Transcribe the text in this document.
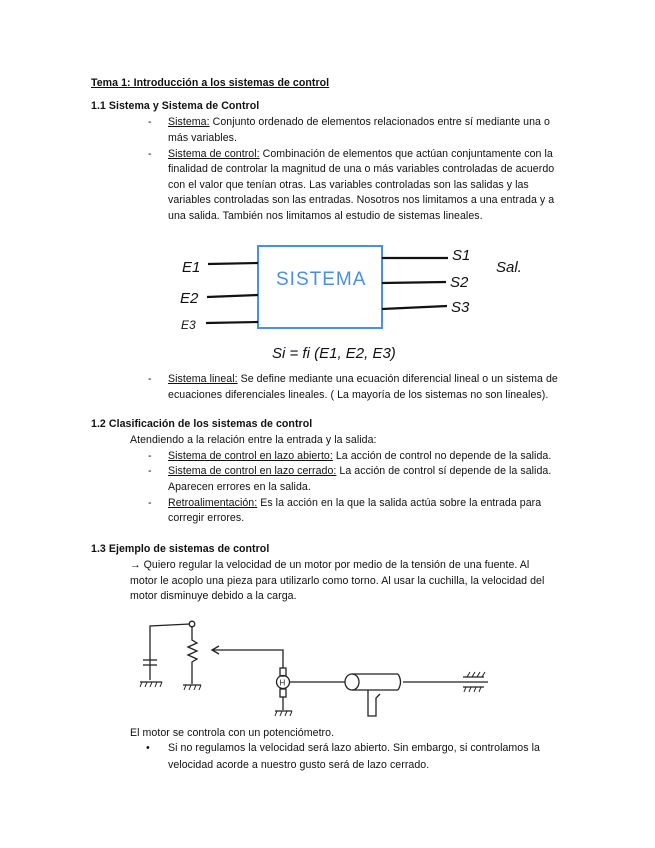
Tema 1: Introducción a los sistemas de control
1.1 Sistema y Sistema de Control
- Sistema: Conjunto ordenado de elementos relacionados entre sí mediante una o
más variables.
- Sistema de control: Combinación de elementos que actúan conjuntamente con la
finalidad de controlar la magnitud de una o más variables controladas de acuerdo
con el valor que tenían otras. Las variables controladas son las salidas y las
variables controladas son las entradas. Nosotros nos limitamos a una entrada y a
una salida. También nos limitamos al estudio de sistemas lineales.
SISTEMA
E1
E2
E3
S1
S2
S3
Sal.
Si = fi (E1, E2, E3)
- Sistema lineal: Se define mediante una ecuación diferencial lineal o un sistema de
ecuaciones diferenciales lineales. ( La mayoría de los sistemas no son lineales).
1.2 Clasificación de los sistemas de control
Atendiendo a la relación entre la entrada y la salida:
- Sistema de control en lazo abierto: La acción de control no depende de la salida.
- Sistema de control en lazo cerrado: La acción de control sí depende de la salida.
Aparecen errores en la salida.
- Retroalimentación: Es la acción en la que la salida actúa sobre la entrada para
corregir errores.
1.3 Ejemplo de sistemas de control
→ Quiero regular la velocidad de un motor por medio de la tensión de una fuente. Al
motor le acoplo una pieza para utilizarlo como torno. Al usar la cuchilla, la velocidad del
motor disminuye debido a la carga.
H
El motor se controla con un potenciómetro.
• Si no regulamos la velocidad será lazo abierto. Sin embargo, si controlamos la
velocidad acorde a nuestro gusto será de lazo cerrado.
